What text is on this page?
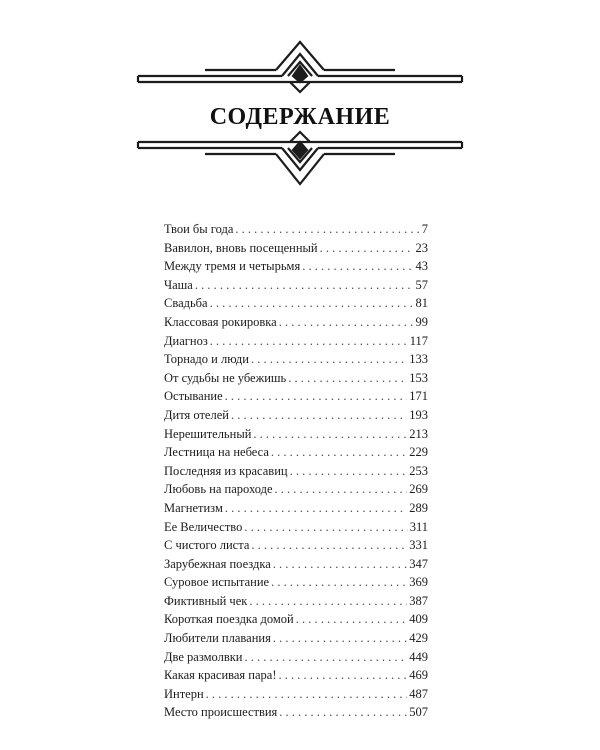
СОДЕРЖАНИЕ
Твои бы года . . .	7
Вавилон, вновь посещенный . . .	23
Между тремя и четырьмя . . .	43
Чаша . . .	57
Свадьба . . .	81
Классовая рокировка . . .	99
Диагноз . . .	117
Торнадо и люди . . .	133
От судьбы не убежишь . . .	153
Остывание . . .	171
Дитя отелей . . .	193
Нерешительный . . .	213
Лестница на небеса . . .	229
Последняя из красавиц . . .	253
Любовь на пароходе . . .	269
Магнетизм . . .	289
Ее Величество . . .	311
С чистого листа . . .	331
Зарубежная поездка . . .	347
Суровое испытание . . .	369
Фиктивный чек . . .	387
Короткая поездка домой . . .	409
Любители плавания . . .	429
Две размолвки . . .	449
Какая красивая пара! . . .	469
Интерн . . .	487
Место происшествия . . .	507
